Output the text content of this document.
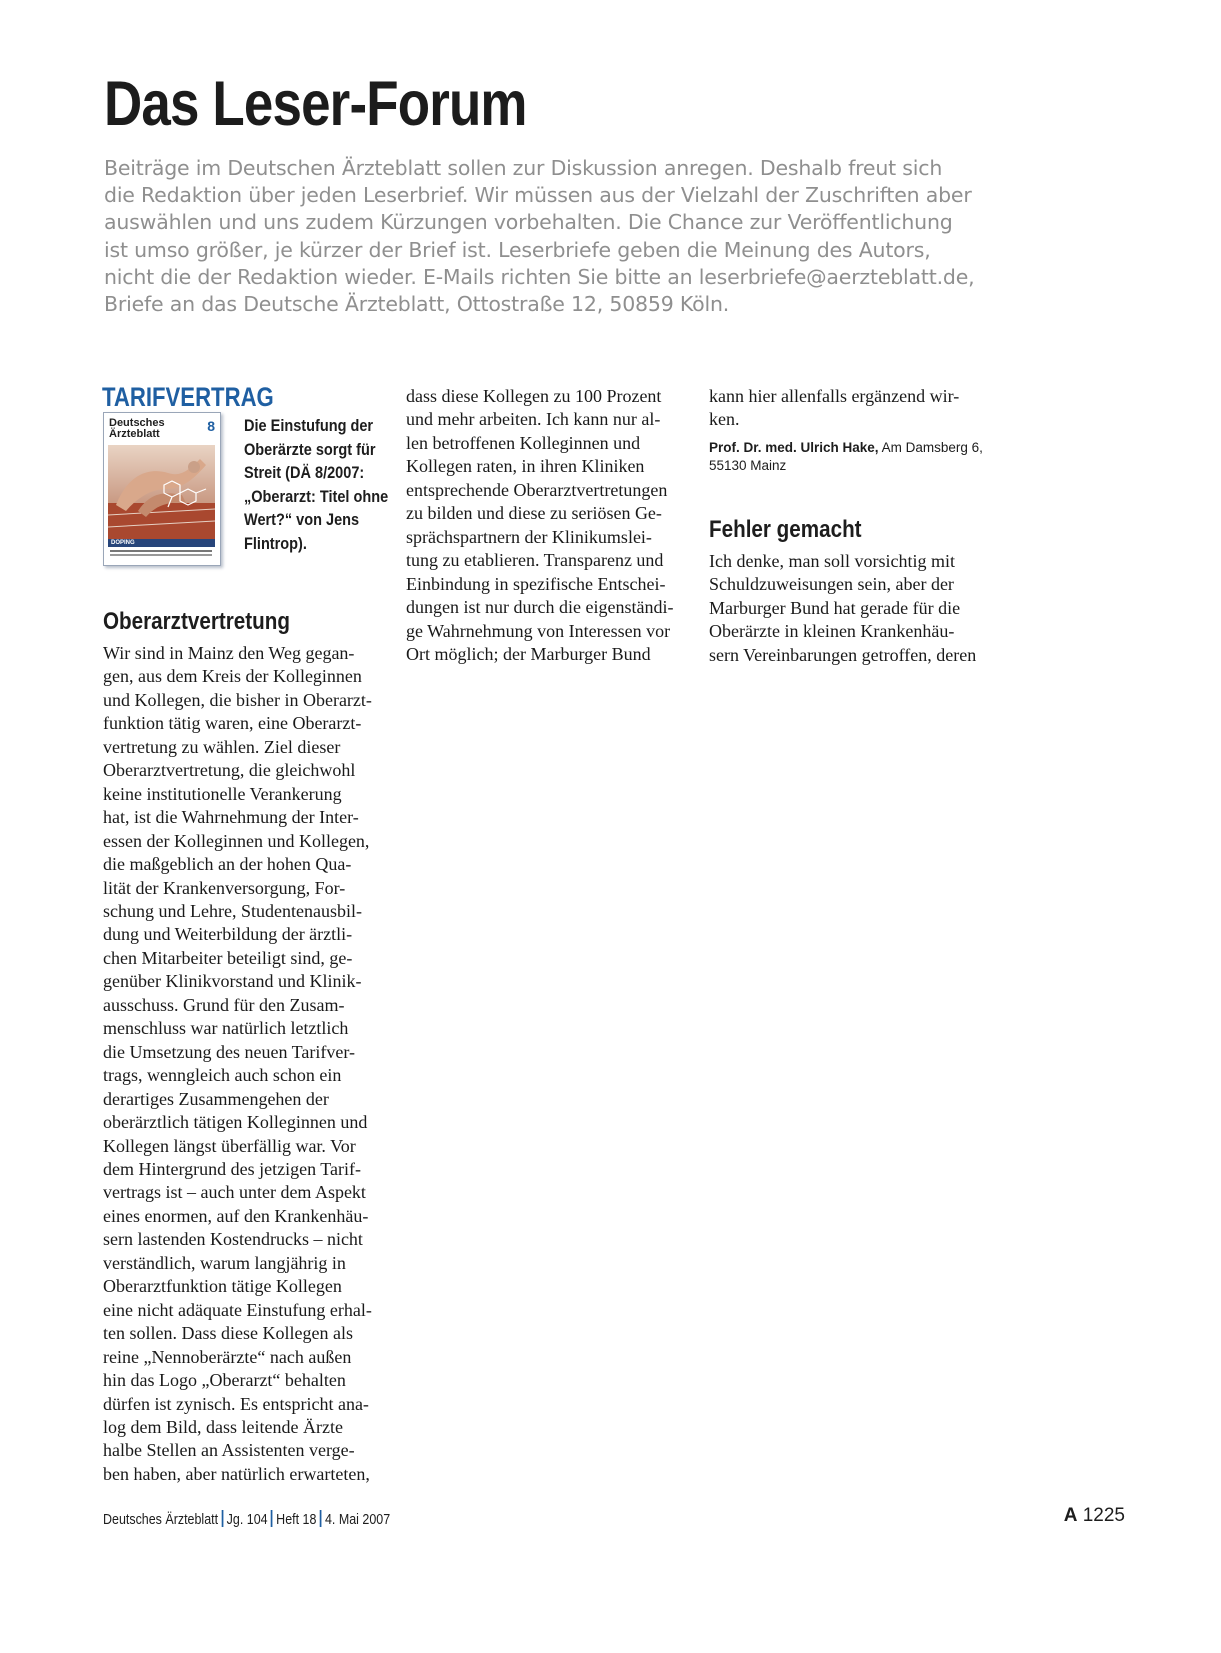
Das Leser-Forum
Beiträge im Deutschen Ärzteblatt sollen zur Diskussion anregen. Deshalb freut sich
die Redaktion über jeden Leserbrief. Wir müssen aus der Vielzahl der Zuschriften aber
auswählen und uns zudem Kürzungen vorbehalten. Die Chance zur Veröffentlichung
ist umso größer, je kürzer der Brief ist. Leserbriefe geben die Meinung des Autors,
nicht die der Redaktion wieder. E-Mails richten Sie bitte an leserbriefe@aerzteblatt.de,
Briefe an das Deutsche Ärzteblatt, Ottostraße 12, 50859 Köln.
TARIFVERTRAG
Deutsches
Ärzteblatt	8
DOPING
Die Einstufung der
Oberärzte sorgt für
Streit (DÄ 8/2007:
„Oberarzt: Titel ohne
Wert?“ von Jens
Flintrop).
Oberarztvertretung
Wir sind in Mainz den Weg gegan-
gen, aus dem Kreis der Kolleginnen
und Kollegen, die bisher in Oberarzt-
funktion tätig waren, eine Oberarzt-
vertretung zu wählen. Ziel dieser
Oberarztvertretung, die gleichwohl
keine institutionelle Verankerung
hat, ist die Wahrnehmung der Inter-
essen der Kolleginnen und Kollegen,
die maßgeblich an der hohen Qua-
lität der Krankenversorgung, For-
schung und Lehre, Studentenausbil-
dung und Weiterbildung der ärztli-
chen Mitarbeiter beteiligt sind, ge-
genüber Klinikvorstand und Klinik-
ausschuss. Grund für den Zusam-
menschluss war natürlich letztlich
die Umsetzung des neuen Tarifver-
trags, wenngleich auch schon ein
derartiges Zusammengehen der
oberärztlich tätigen Kolleginnen und
Kollegen längst überfällig war. Vor
dem Hintergrund des jetzigen Tarif-
vertrags ist – auch unter dem Aspekt
eines enormen, auf den Krankenhäu-
sern lastenden Kostendrucks – nicht
verständlich, warum langjährig in
Oberarztfunktion tätige Kollegen
eine nicht adäquate Einstufung erhal-
ten sollen. Dass diese Kollegen als
reine „Nennoberärzte“ nach außen
hin das Logo „Oberarzt“ behalten
dürfen ist zynisch. Es entspricht ana-
log dem Bild, dass leitende Ärzte
halbe Stellen an Assistenten verge-
ben haben, aber natürlich erwarteten,
dass diese Kollegen zu 100 Prozent
und mehr arbeiten. Ich kann nur al-
len betroffenen Kolleginnen und
Kollegen raten, in ihren Kliniken
entsprechende Oberarztvertretungen
zu bilden und diese zu seriösen Ge-
sprächspartnern der Klinikumslei-
tung zu etablieren. Transparenz und
Einbindung in spezifische Entschei-
dungen ist nur durch die eigenständi-
ge Wahrnehmung von Interessen vor
Ort möglich; der Marburger Bund
kann hier allenfalls ergänzend wir-
ken.
Prof. Dr. med. Ulrich Hake, Am Damsberg 6,
55130 Mainz
Fehler gemacht
Ich denke, man soll vorsichtig mit
Schuldzuweisungen sein, aber der
Marburger Bund hat gerade für die
Oberärzte in kleinen Krankenhäu-
sern Vereinbarungen getroffen, deren
Deutsches Ärzteblatt Jg. 104 Heft 18 4. Mai 2007	A 1225
